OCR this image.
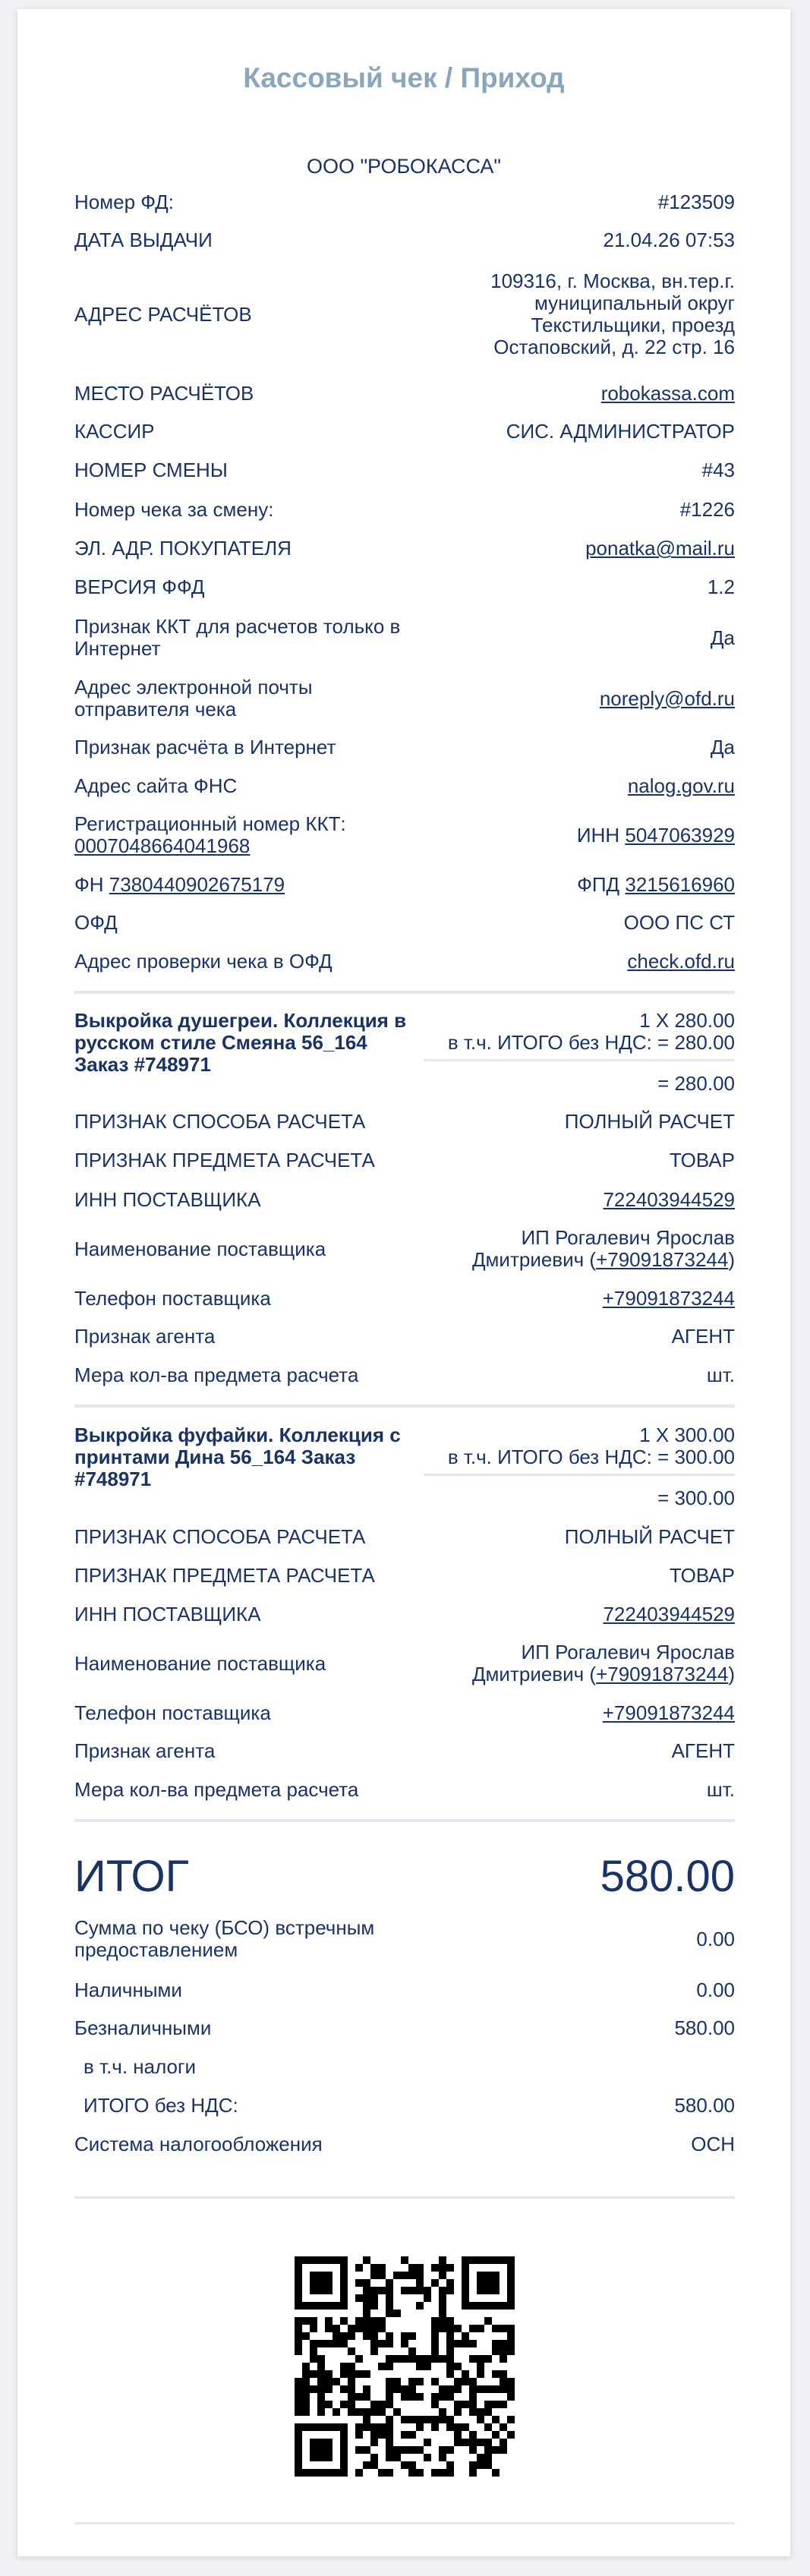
Кассовый чек / Приход
ООО "РОБОКАССА"
Номер ФД:	#123509
ДАТА ВЫДАЧИ	21.04.26 07:53
АДРЕС РАСЧЁТОВ
109316, г. Москва, вн.тер.г.
муниципальный округ
Текстильщики, проезд
Остаповский, д. 22 стр. 16
МЕСТО РАСЧЁТОВ	robokassa.com
КАССИР	СИС. АДМИНИСТРАТОР
НОМЕР СМЕНЫ	#43
Номер чека за смену:	#1226
ЭЛ. АДР. ПОКУПАТЕЛЯ	ponatka@mail.ru
ВЕРСИЯ ФФД	1.2
Признак ККТ для расчетов только в Интернет	Да
Адрес электронной почты отправителя чека	noreply@ofd.ru
Признак расчёта в Интернет	Да
Адрес сайта ФНС	nalog.gov.ru
Регистрационный номер ККТ:
0007048664041968	ИНН 5047063929
ФН 7380440902675179	ФПД 3215616960
ОФД	ООО ПС СТ
Адрес проверки чека в ОФД	check.ofd.ru
Выкройка душегреи. Коллекция в русском стиле Смеяна 56_164 Заказ #748971
1 X 280.00
в т.ч. ИТОГО без НДС: = 280.00
= 280.00
ПРИЗНАК СПОСОБА РАСЧЕТА	ПОЛНЫЙ РАСЧЕТ
ПРИЗНАК ПРЕДМЕТА РАСЧЕТА	ТОВАР
ИНН ПОСТАВЩИКА	722403944529
Наименование поставщика	ИП Рогалевич Ярослав
Дмитриевич (+79091873244)
Телефон поставщика	+79091873244
Признак агента	АГЕНТ
Мера кол-ва предмета расчета	шт.
Выкройка фуфайки. Коллекция с принтами Дина 56_164 Заказ #748971
1 X 300.00
в т.ч. ИТОГО без НДС: = 300.00
= 300.00
ПРИЗНАК СПОСОБА РАСЧЕТА	ПОЛНЫЙ РАСЧЕТ
ПРИЗНАК ПРЕДМЕТА РАСЧЕТА	ТОВАР
ИНН ПОСТАВЩИКА	722403944529
Наименование поставщика	ИП Рогалевич Ярослав
Дмитриевич (+79091873244)
Телефон поставщика	+79091873244
Признак агента	АГЕНТ
Мера кол-ва предмета расчета	шт.
ИТОГ	580.00
Сумма по чеку (БСО) встречным предоставлением	0.00
Наличными	0.00
Безналичными	580.00
в т.ч. налоги
ИТОГО без НДС:	580.00
Система налогообложения	ОСН
